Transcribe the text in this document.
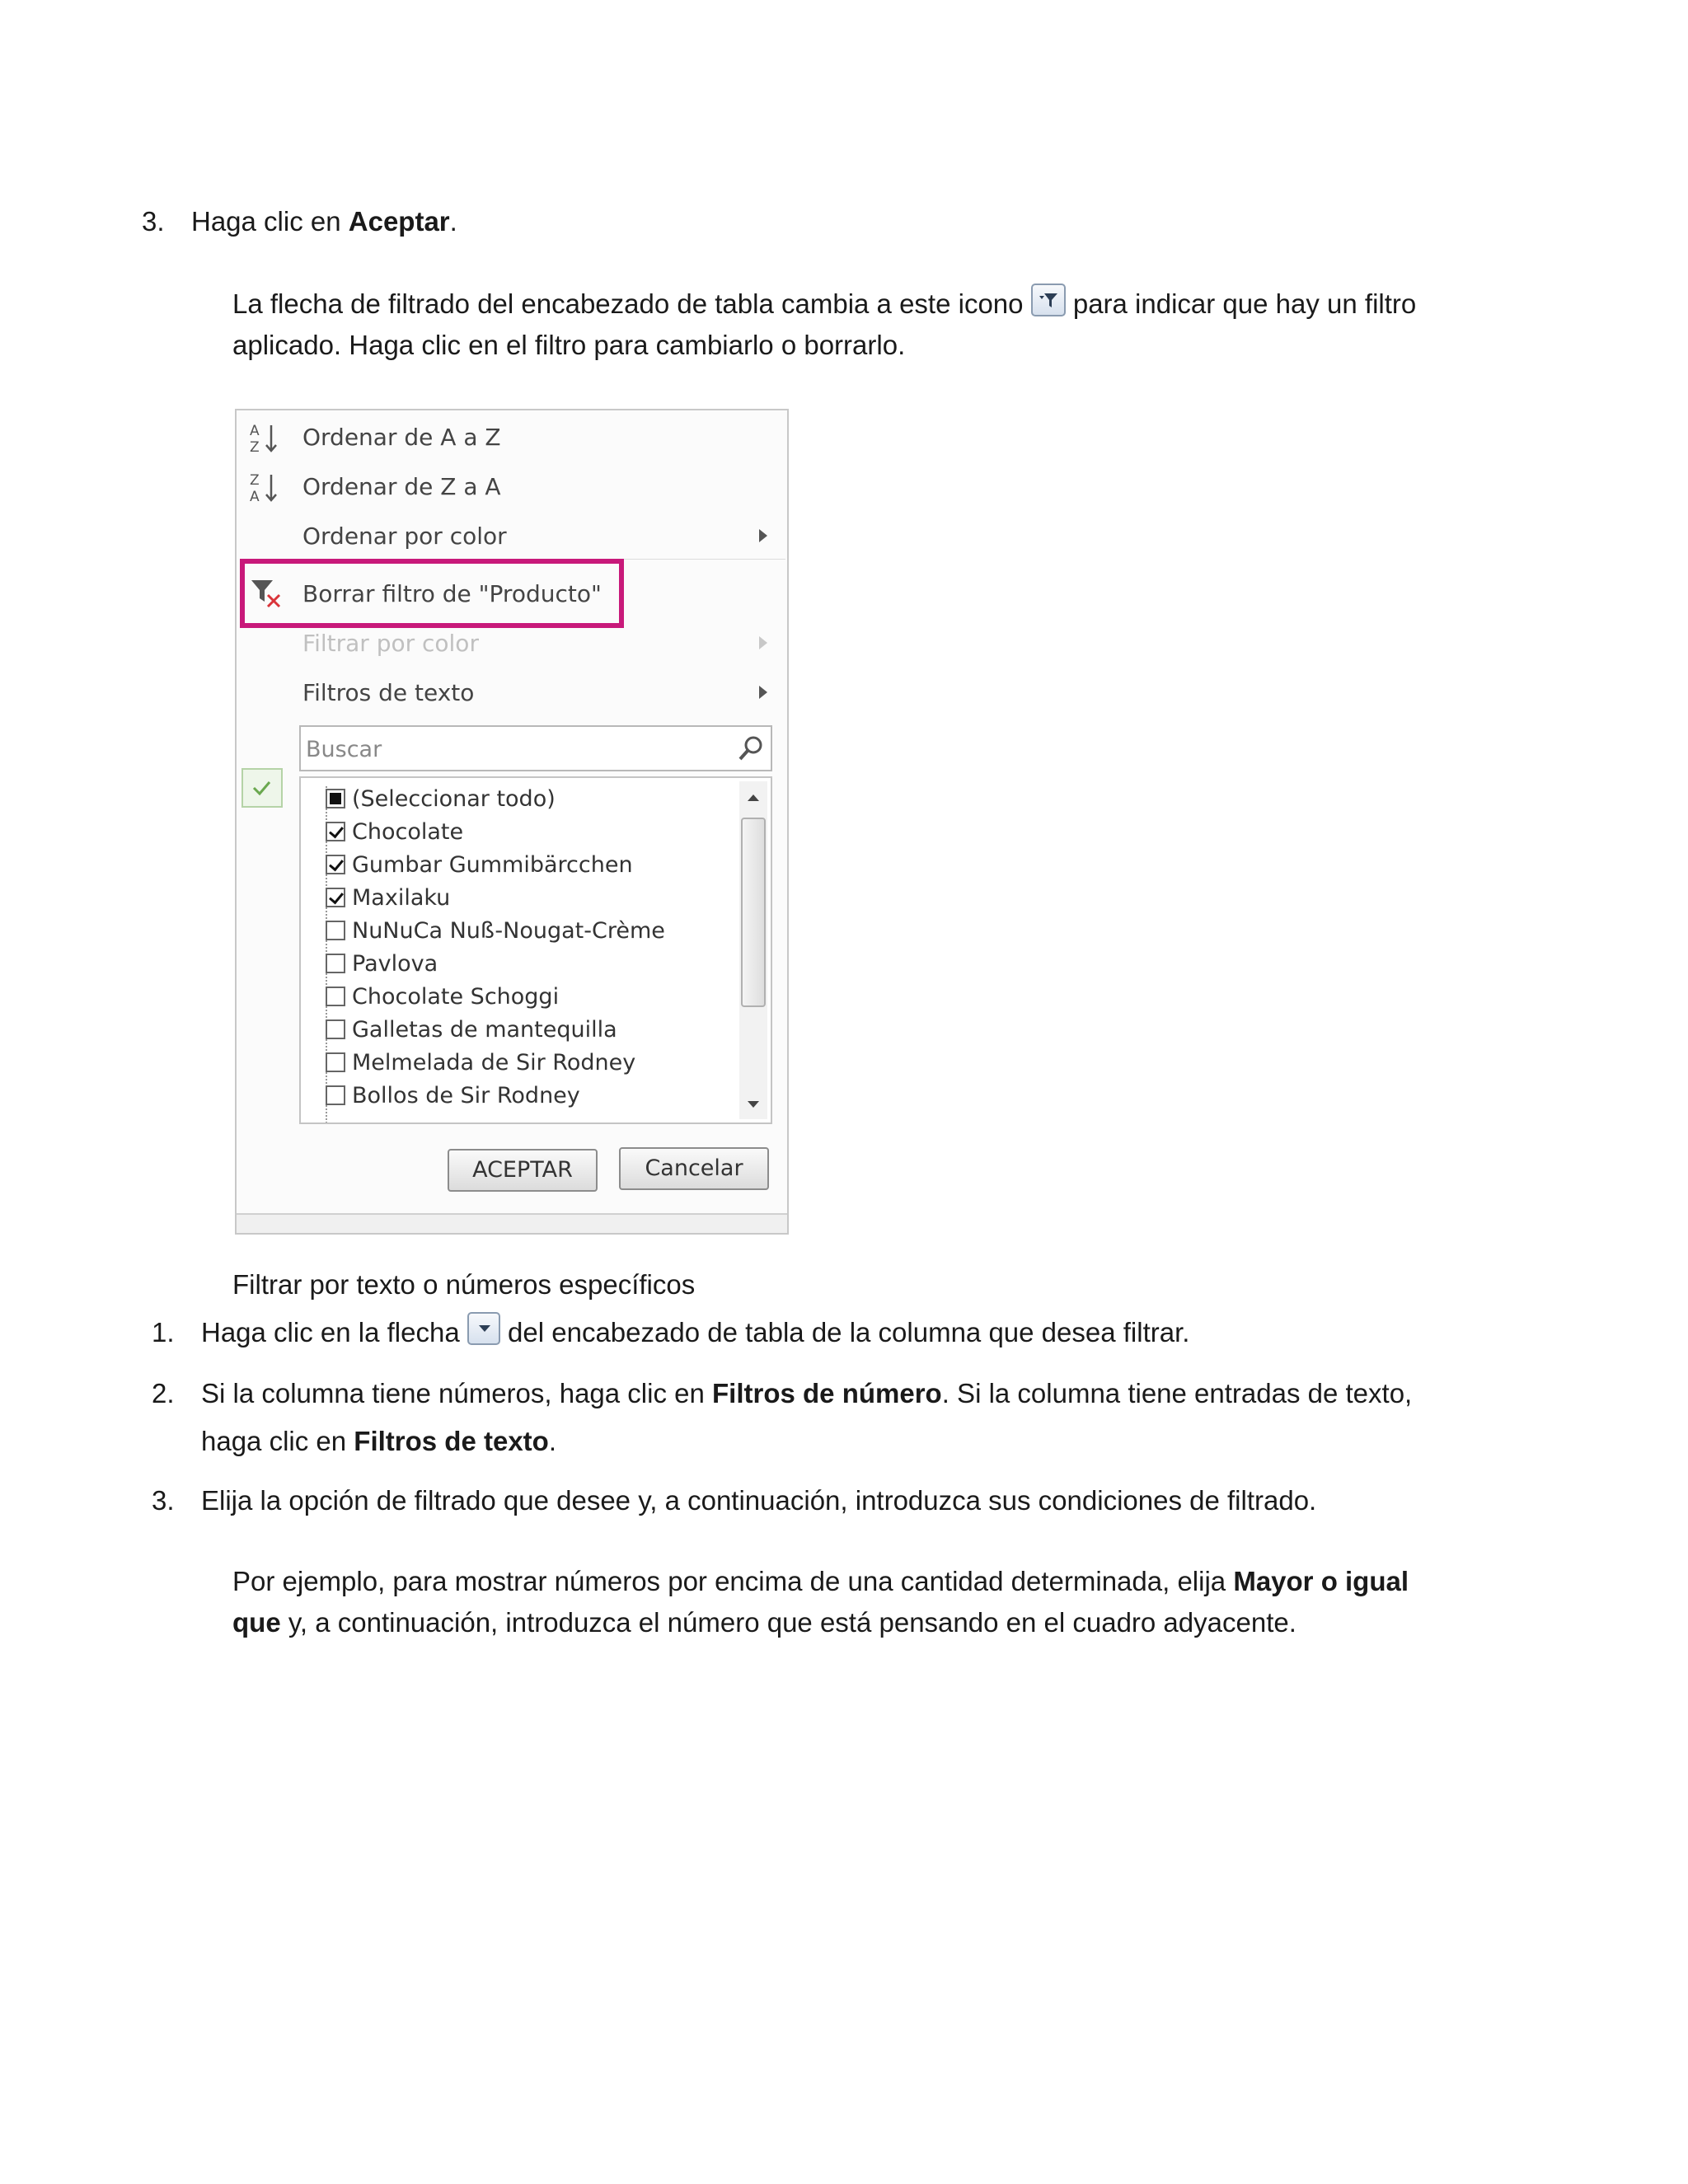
3. Haga clic en Aceptar.
La flecha de filtrado del encabezado de tabla cambia a este icono
para indicar que hay un filtro
aplicado. Haga clic en el filtro para cambiarlo o borrarlo.
A
Z Ordenar de A a Z
Z
A Ordenar de Z a A
Ordenar por color
Borrar filtro de "Producto"
Filtrar por color
Filtros de texto
Buscar
(Seleccionar todo)
Chocolate
Gumbar Gummibärcchen
Maxilaku
NuNuCa Nuß-Nougat-Crème
Pavlova
Chocolate Schoggi
Galletas de mantequilla
Melmelada de Sir Rodney
Bollos de Sir Rodney
ACEPTAR	Cancelar
Filtrar por texto o números específicos
1. Haga clic en la flecha
del encabezado de tabla de la columna que desea filtrar.
2. Si la columna tiene números, haga clic en Filtros de número. Si la columna tiene entradas de texto,
haga clic en Filtros de texto.
3. Elija la opción de filtrado que desee y, a continuación, introduzca sus condiciones de filtrado.
Por ejemplo, para mostrar números por encima de una cantidad determinada, elija Mayor o igual
que y, a continuación, introduzca el número que está pensando en el cuadro adyacente.
